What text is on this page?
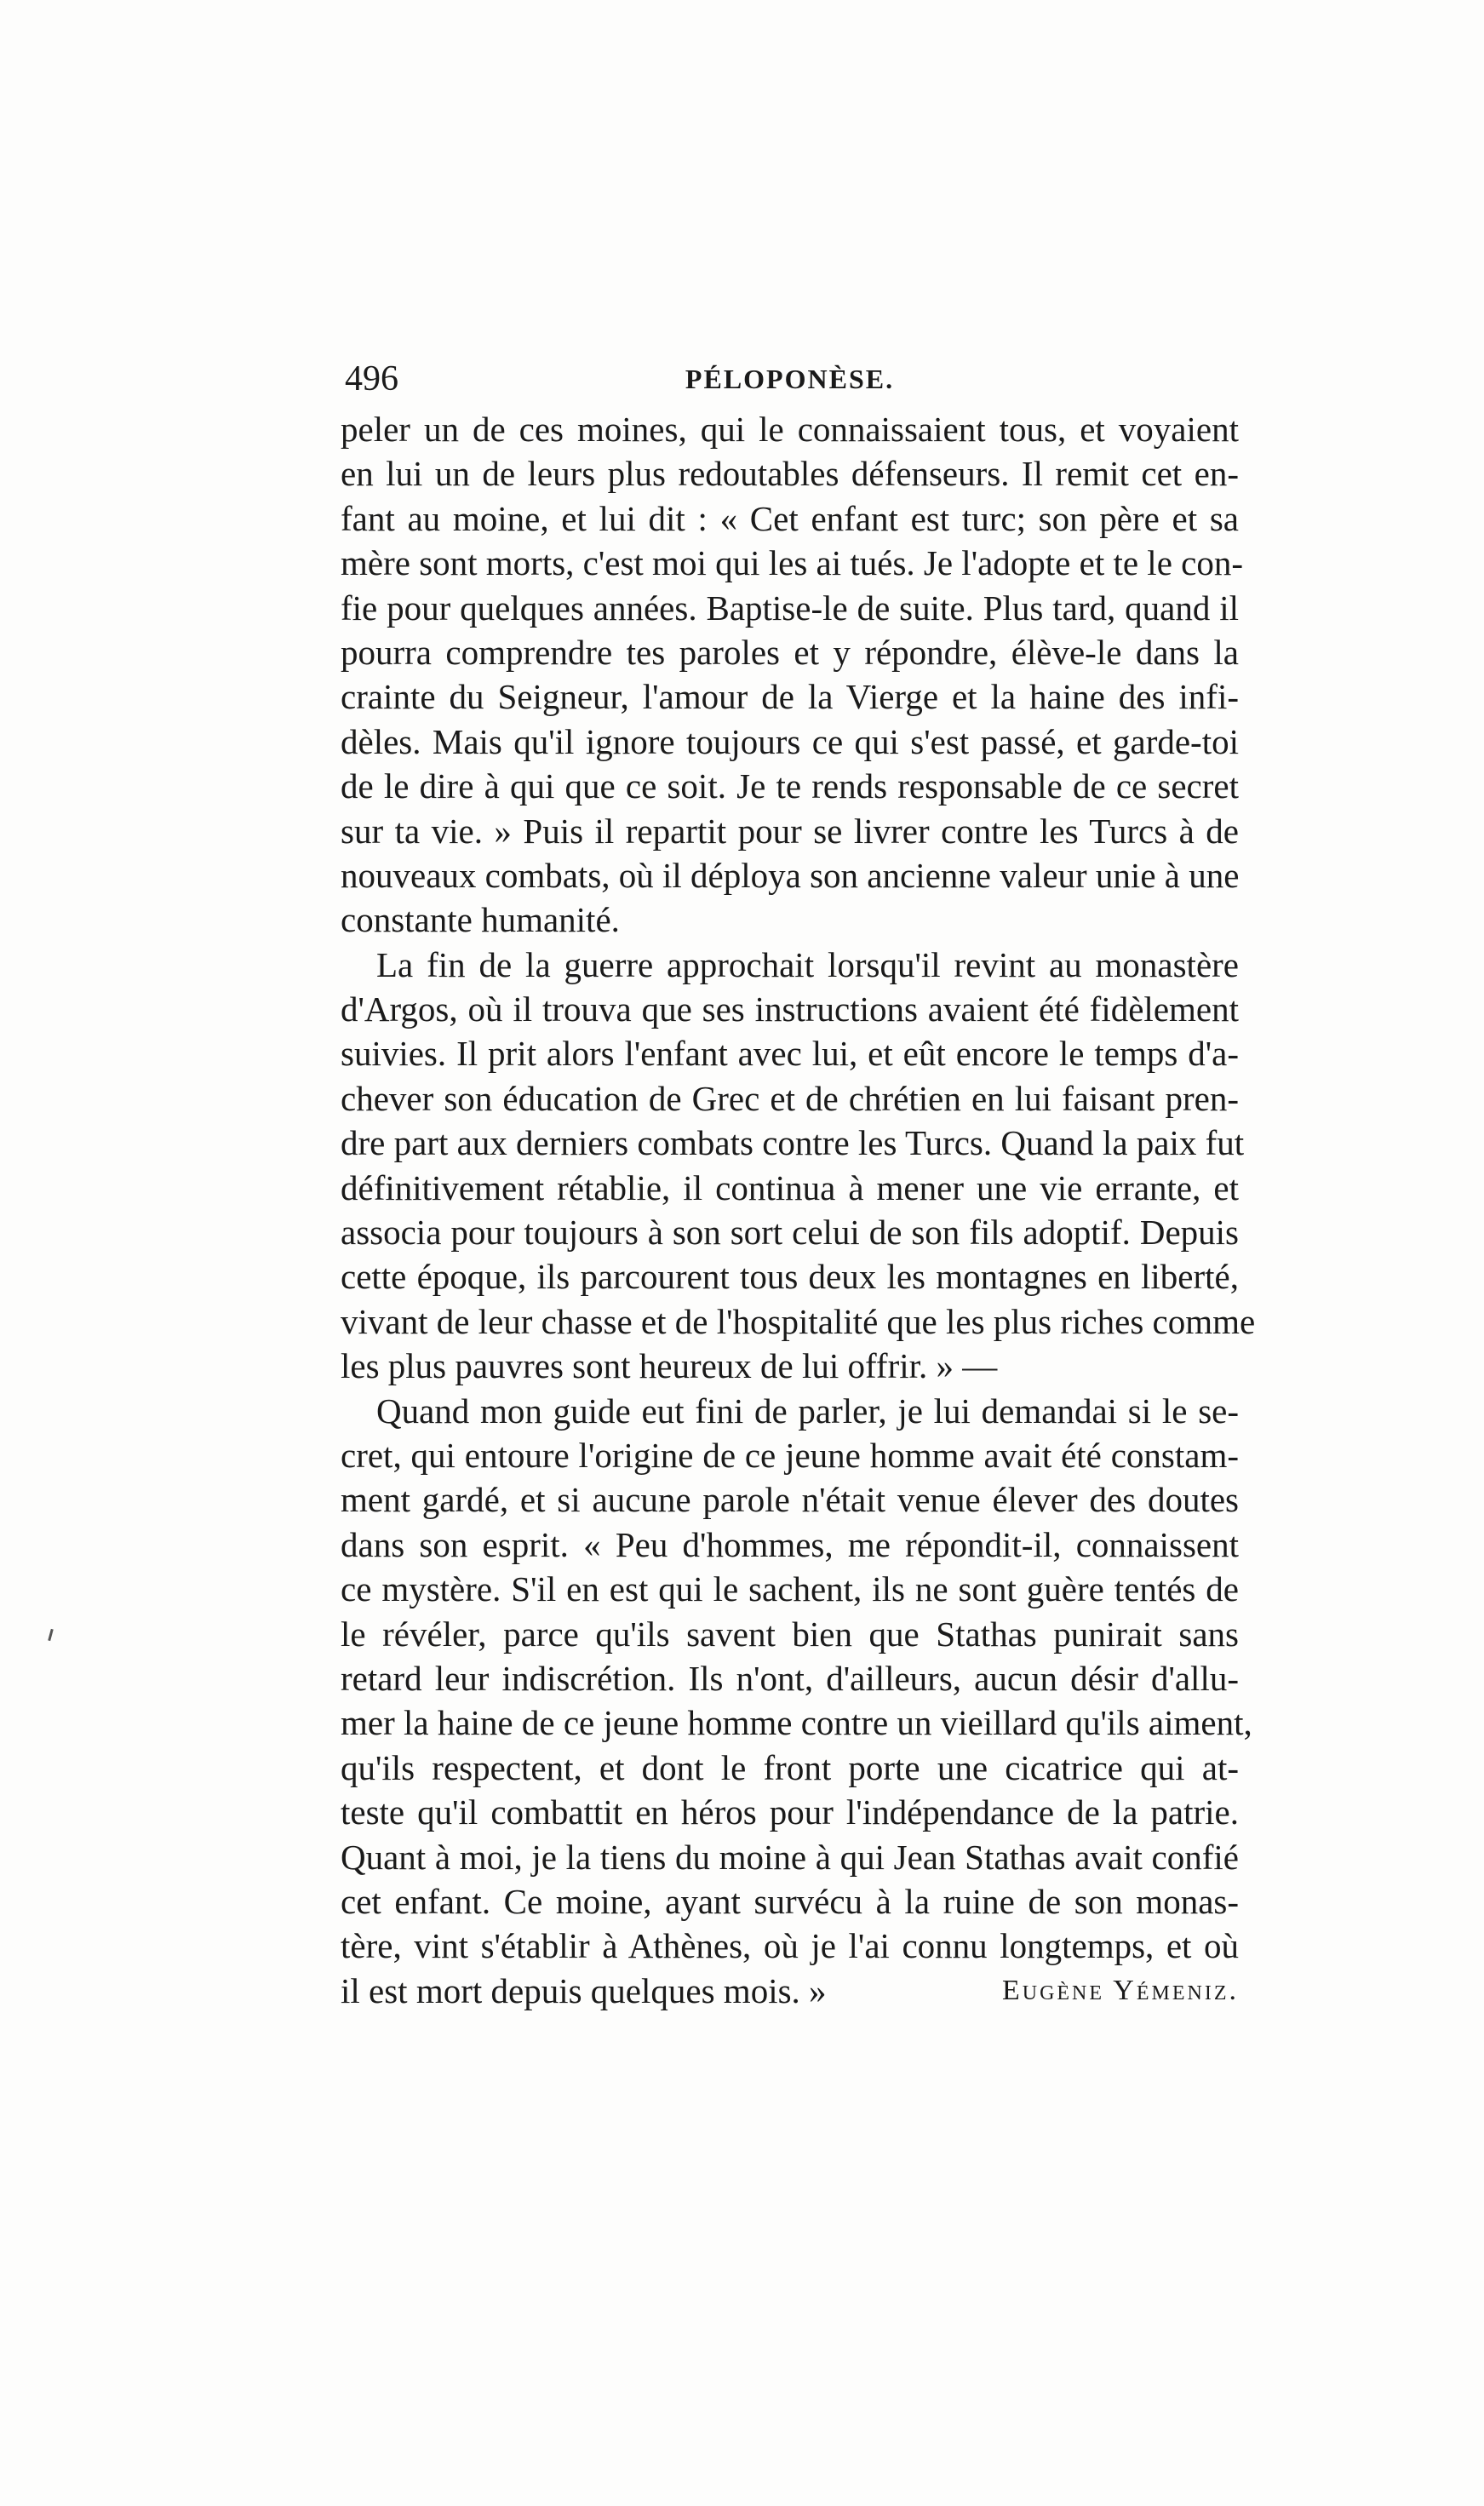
496	PÉLOPONÈSE.
peler un de ces moines, qui le connaissaient tous, et voyaient
en lui un de leurs plus redoutables défenseurs. Il remit cet en-
fant au moine, et lui dit : « Cet enfant est turc; son père et sa
mère sont morts, c'est moi qui les ai tués. Je l'adopte et te le con-
fie pour quelques années. Baptise-le de suite. Plus tard, quand il
pourra comprendre tes paroles et y répondre, élève-le dans la
crainte du Seigneur, l'amour de la Vierge et la haine des infi-
dèles. Mais qu'il ignore toujours ce qui s'est passé, et garde-toi
de le dire à qui que ce soit. Je te rends responsable de ce secret
sur ta vie. » Puis il repartit pour se livrer contre les Turcs à de
nouveaux combats, où il déploya son ancienne valeur unie à une
constante humanité.
La fin de la guerre approchait lorsqu'il revint au monastère
d'Argos, où il trouva que ses instructions avaient été fidèlement
suivies. Il prit alors l'enfant avec lui, et eût encore le temps d'a-
chever son éducation de Grec et de chrétien en lui faisant pren-
dre part aux derniers combats contre les Turcs. Quand la paix fut
définitivement rétablie, il continua à mener une vie errante, et
associa pour toujours à son sort celui de son fils adoptif. Depuis
cette époque, ils parcourent tous deux les montagnes en liberté,
vivant de leur chasse et de l'hospitalité que les plus riches comme
les plus pauvres sont heureux de lui offrir. » —
Quand mon guide eut fini de parler, je lui demandai si le se-
cret, qui entoure l'origine de ce jeune homme avait été constam-
ment gardé, et si aucune parole n'était venue élever des doutes
dans son esprit. « Peu d'hommes, me répondit-il, connaissent
ce mystère. S'il en est qui le sachent, ils ne sont guère tentés de
le révéler, parce qu'ils savent bien que Stathas punirait sans
retard leur indiscrétion. Ils n'ont, d'ailleurs, aucun désir d'allu-
mer la haine de ce jeune homme contre un vieillard qu'ils aiment,
qu'ils respectent, et dont le front porte une cicatrice qui at-
teste qu'il combattit en héros pour l'indépendance de la patrie.
Quant à moi, je la tiens du moine à qui Jean Stathas avait confié
cet enfant. Ce moine, ayant survécu à la ruine de son monas-
tère, vint s'établir à Athènes, où je l'ai connu longtemps, et où
il est mort depuis quelques mois. »	Eugène Yémeniz.
